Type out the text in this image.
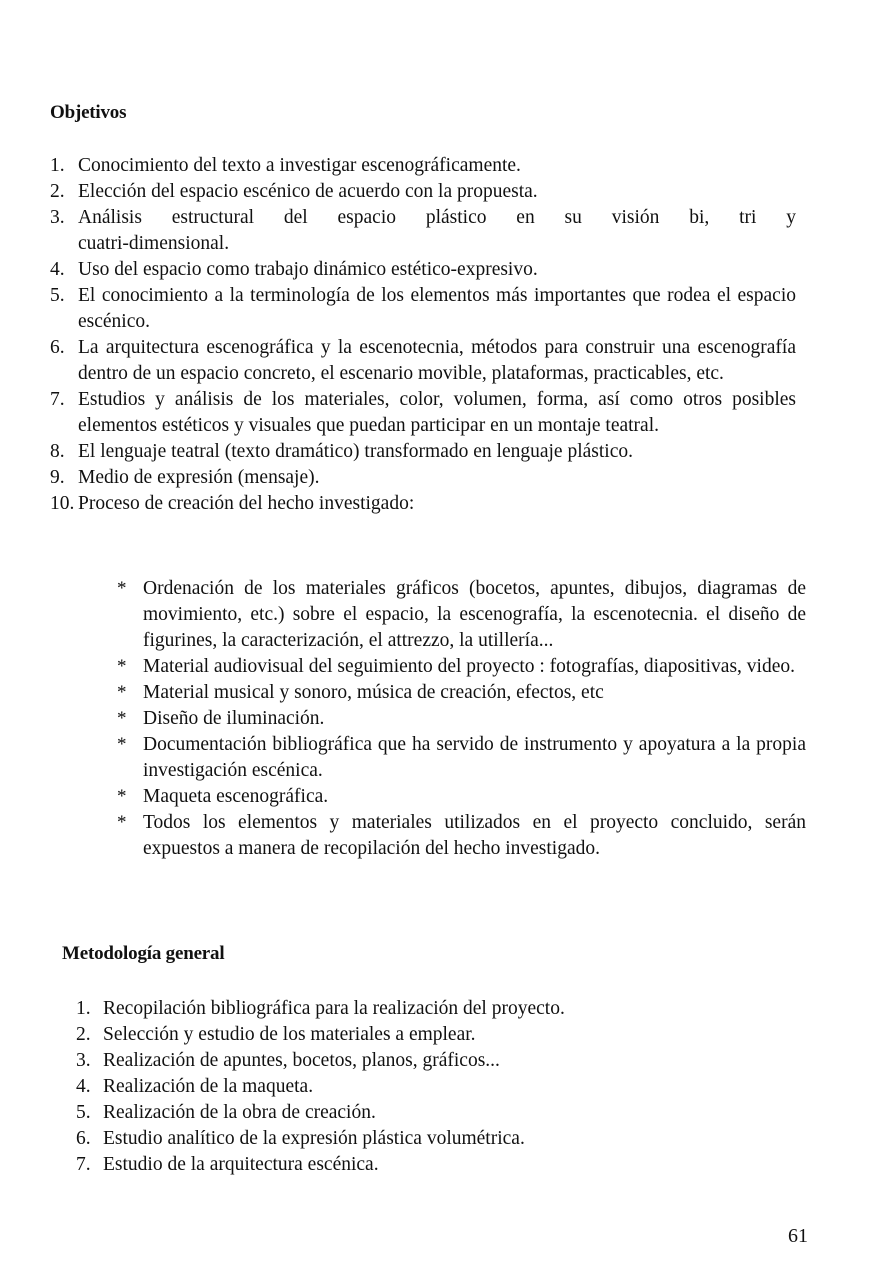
Objetivos
1. Conocimiento del texto a investigar escenográficamente.
2. Elección del espacio escénico de acuerdo con la propuesta.
3. Análisis estructural del espacio plástico en su visión bi, tri y
cuatri-dimensional.
4. Uso del espacio como trabajo dinámico estético-expresivo.
5. El conocimiento a la terminología de los elementos más importantes que rodea el espacio escénico.
6. La arquitectura escenográfica y la escenotecnia, métodos para construir una escenografía dentro de un espacio concreto, el escenario movible, plataformas, practicables, etc.
7. Estudios y análisis de los materiales, color, volumen, forma, así como otros posibles elementos estéticos y visuales que puedan participar en un montaje teatral.
8. El lenguaje teatral (texto dramático) transformado en lenguaje plástico.
9. Medio de expresión (mensaje).
10. Proceso de creación del hecho investigado:
* Ordenación de los materiales gráficos (bocetos, apuntes, dibujos, diagramas de movimiento, etc.) sobre el espacio, la escenografía, la escenotecnia. el diseño de figurines, la caracterización, el attrezzo, la utillería...
* Material audiovisual del seguimiento del proyecto : fotografías, diapositivas, video.
* Material musical y sonoro, música de creación, efectos, etc
* Diseño de iluminación.
* Documentación bibliográfica que ha servido de instrumento y apoyatura a la propia investigación escénica.
* Maqueta escenográfica.
* Todos los elementos y materiales utilizados en el proyecto concluido, serán expuestos a manera de recopilación del hecho investigado.
Metodología general
1. Recopilación bibliográfica para la realización del proyecto.
2. Selección y estudio de los materiales a emplear.
3. Realización de apuntes, bocetos, planos, gráficos...
4. Realización de la maqueta.
5. Realización de la obra de creación.
6. Estudio analítico de la expresión plástica volumétrica.
7. Estudio de la arquitectura escénica.
61
